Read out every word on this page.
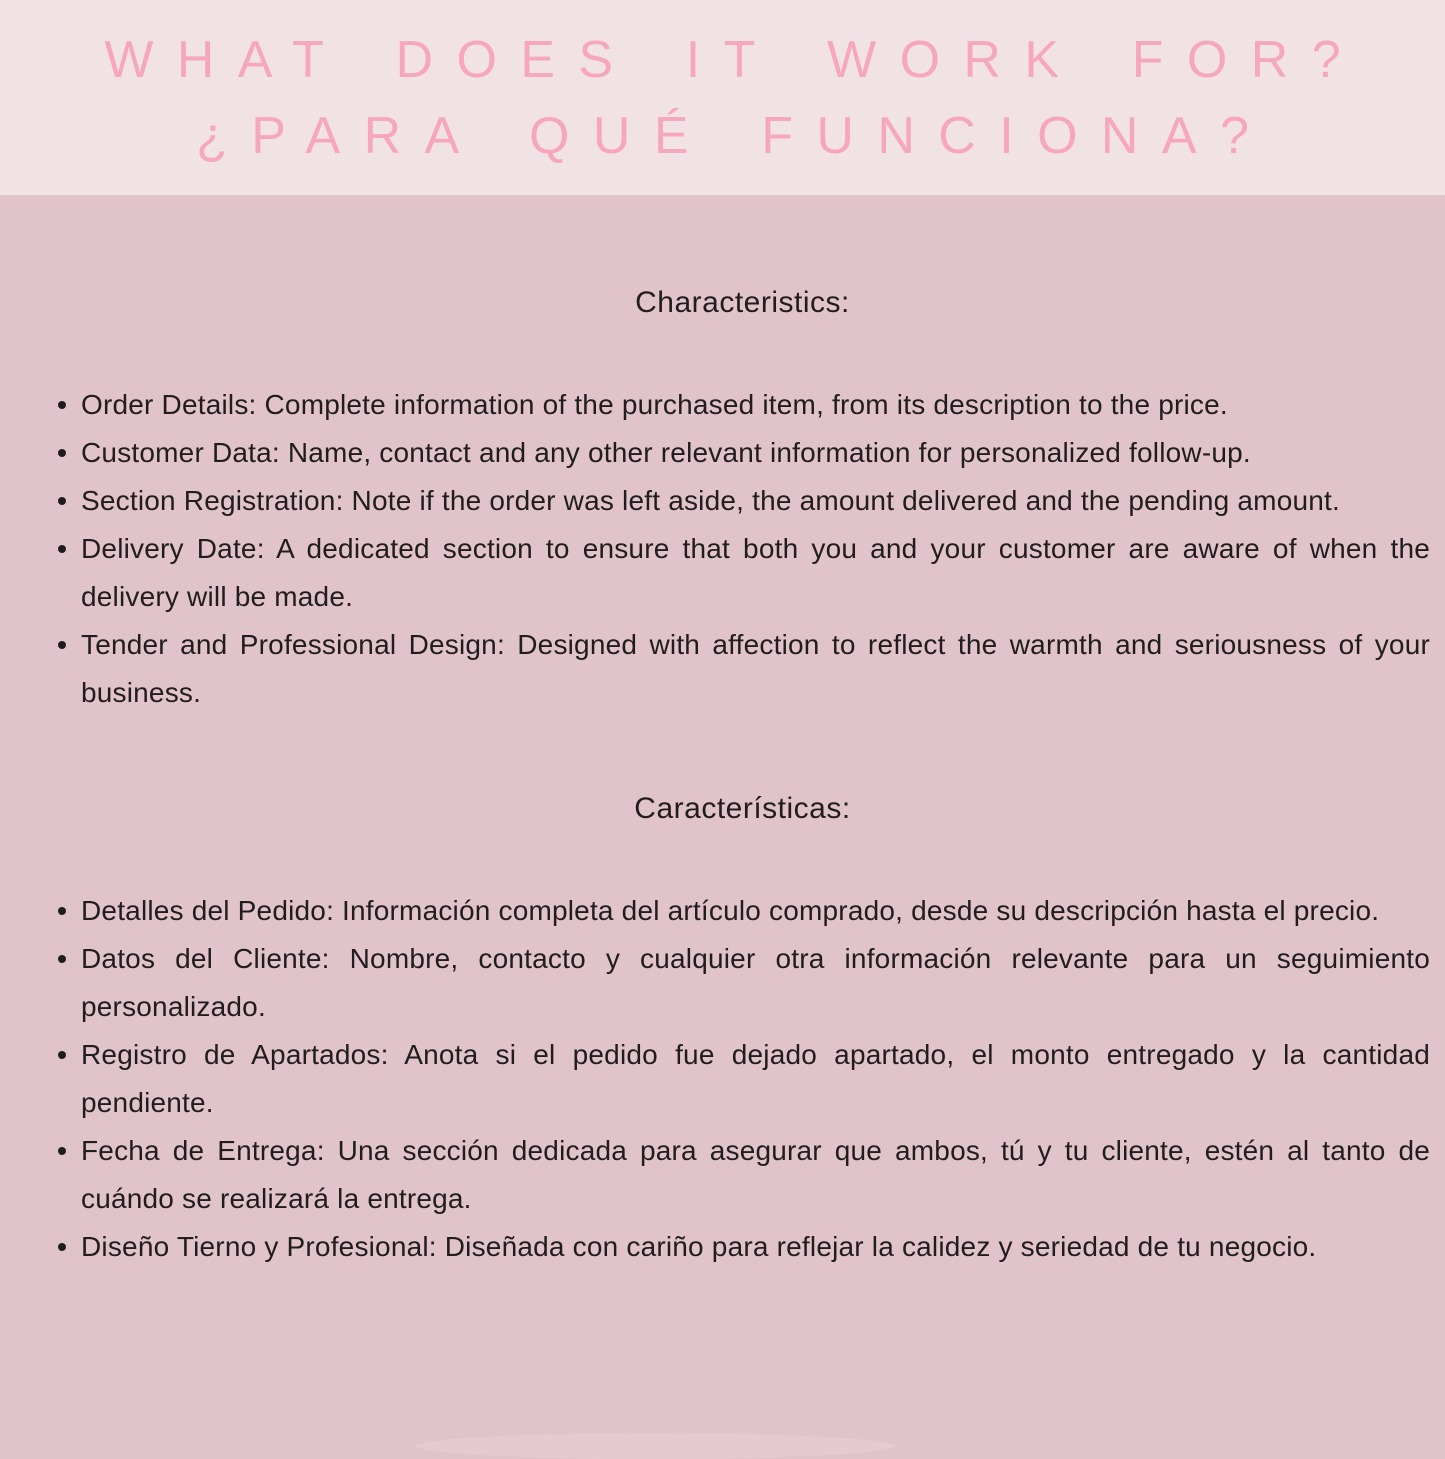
WHAT DOES IT WORK FOR?
¿PARA QUÉ FUNCIONA?
Characteristics:
Order Details: Complete information of the purchased item, from its description to the price.
Customer Data: Name, contact and any other relevant information for personalized follow-up.
Section Registration: Note if the order was left aside, the amount delivered and the pending amount.
Delivery Date: A dedicated section to ensure that both you and your customer are aware of when the delivery will be made.
Tender and Professional Design: Designed with affection to reflect the warmth and seriousness of your business.
Características:
Detalles del Pedido: Información completa del artículo comprado, desde su descripción hasta el precio.
Datos del Cliente: Nombre, contacto y cualquier otra información relevante para un seguimiento personalizado.
Registro de Apartados: Anota si el pedido fue dejado apartado, el monto entregado y la cantidad pendiente.
Fecha de Entrega: Una sección dedicada para asegurar que ambos, tú y tu cliente, estén al tanto de cuándo se realizará la entrega.
Diseño Tierno y Profesional: Diseñada con cariño para reflejar la calidez y seriedad de tu negocio.
